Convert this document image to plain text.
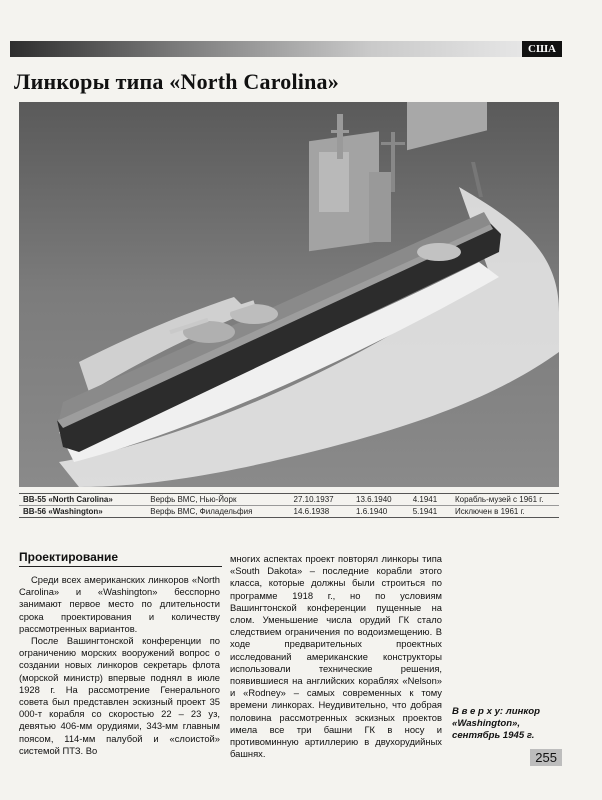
США
Линкоры типа «North Carolina»
BB-55 «North Carolina»	Верфь ВМС, Нью-Йорк	27.10.1937	13.6.1940	4.1941	Корабль-музей с 1961 г.
BB-56 «Washington»	Верфь ВМС, Филадельфия	14.6.1938	1.6.1940	5.1941	Исключен в 1961 г.
Проектирование

Среди всех американских линкоров «North Carolina» и «Washington» бесспорно занимают первое место по длительности срока проектирования и количеству рассмотренных вариантов.

После Вашингтонской конференции по ограничению морских вооружений вопрос о создании новых линкоров секретарь флота (морской министр) впервые поднял в июле 1928 г. На рассмотрение Генерального совета был представлен эскизный проект 35 000-т корабля со скоростью 22 – 23 уз, девятью 406-мм орудиями, 343-мм главным поясом, 114-мм палубой и «слоистой» системой ПТЗ. Во

многих аспектах проект повторял линкоры типа «South Dakota» – последние корабли этого класса, которые должны были строиться по программе 1918 г., но по условиям Вашингтонской конференции пущенные на слом. Уменьшение числа орудий ГК стало следствием ограничения по водоизмещению. В ходе предварительных проектных исследований американские конструкторы использовали технические решения, появившиеся на английских кораблях «Nelson» и «Rodney» – самых современных к тому времени линкорах. Неудивительно, что добрая половина рассмотренных эскизных проектов имела все три башни ГК в носу и противоминную артиллерию в двухорудийных башнях.

В в е р х у: линкор «Washington», сентябрь 1945 г.
255
